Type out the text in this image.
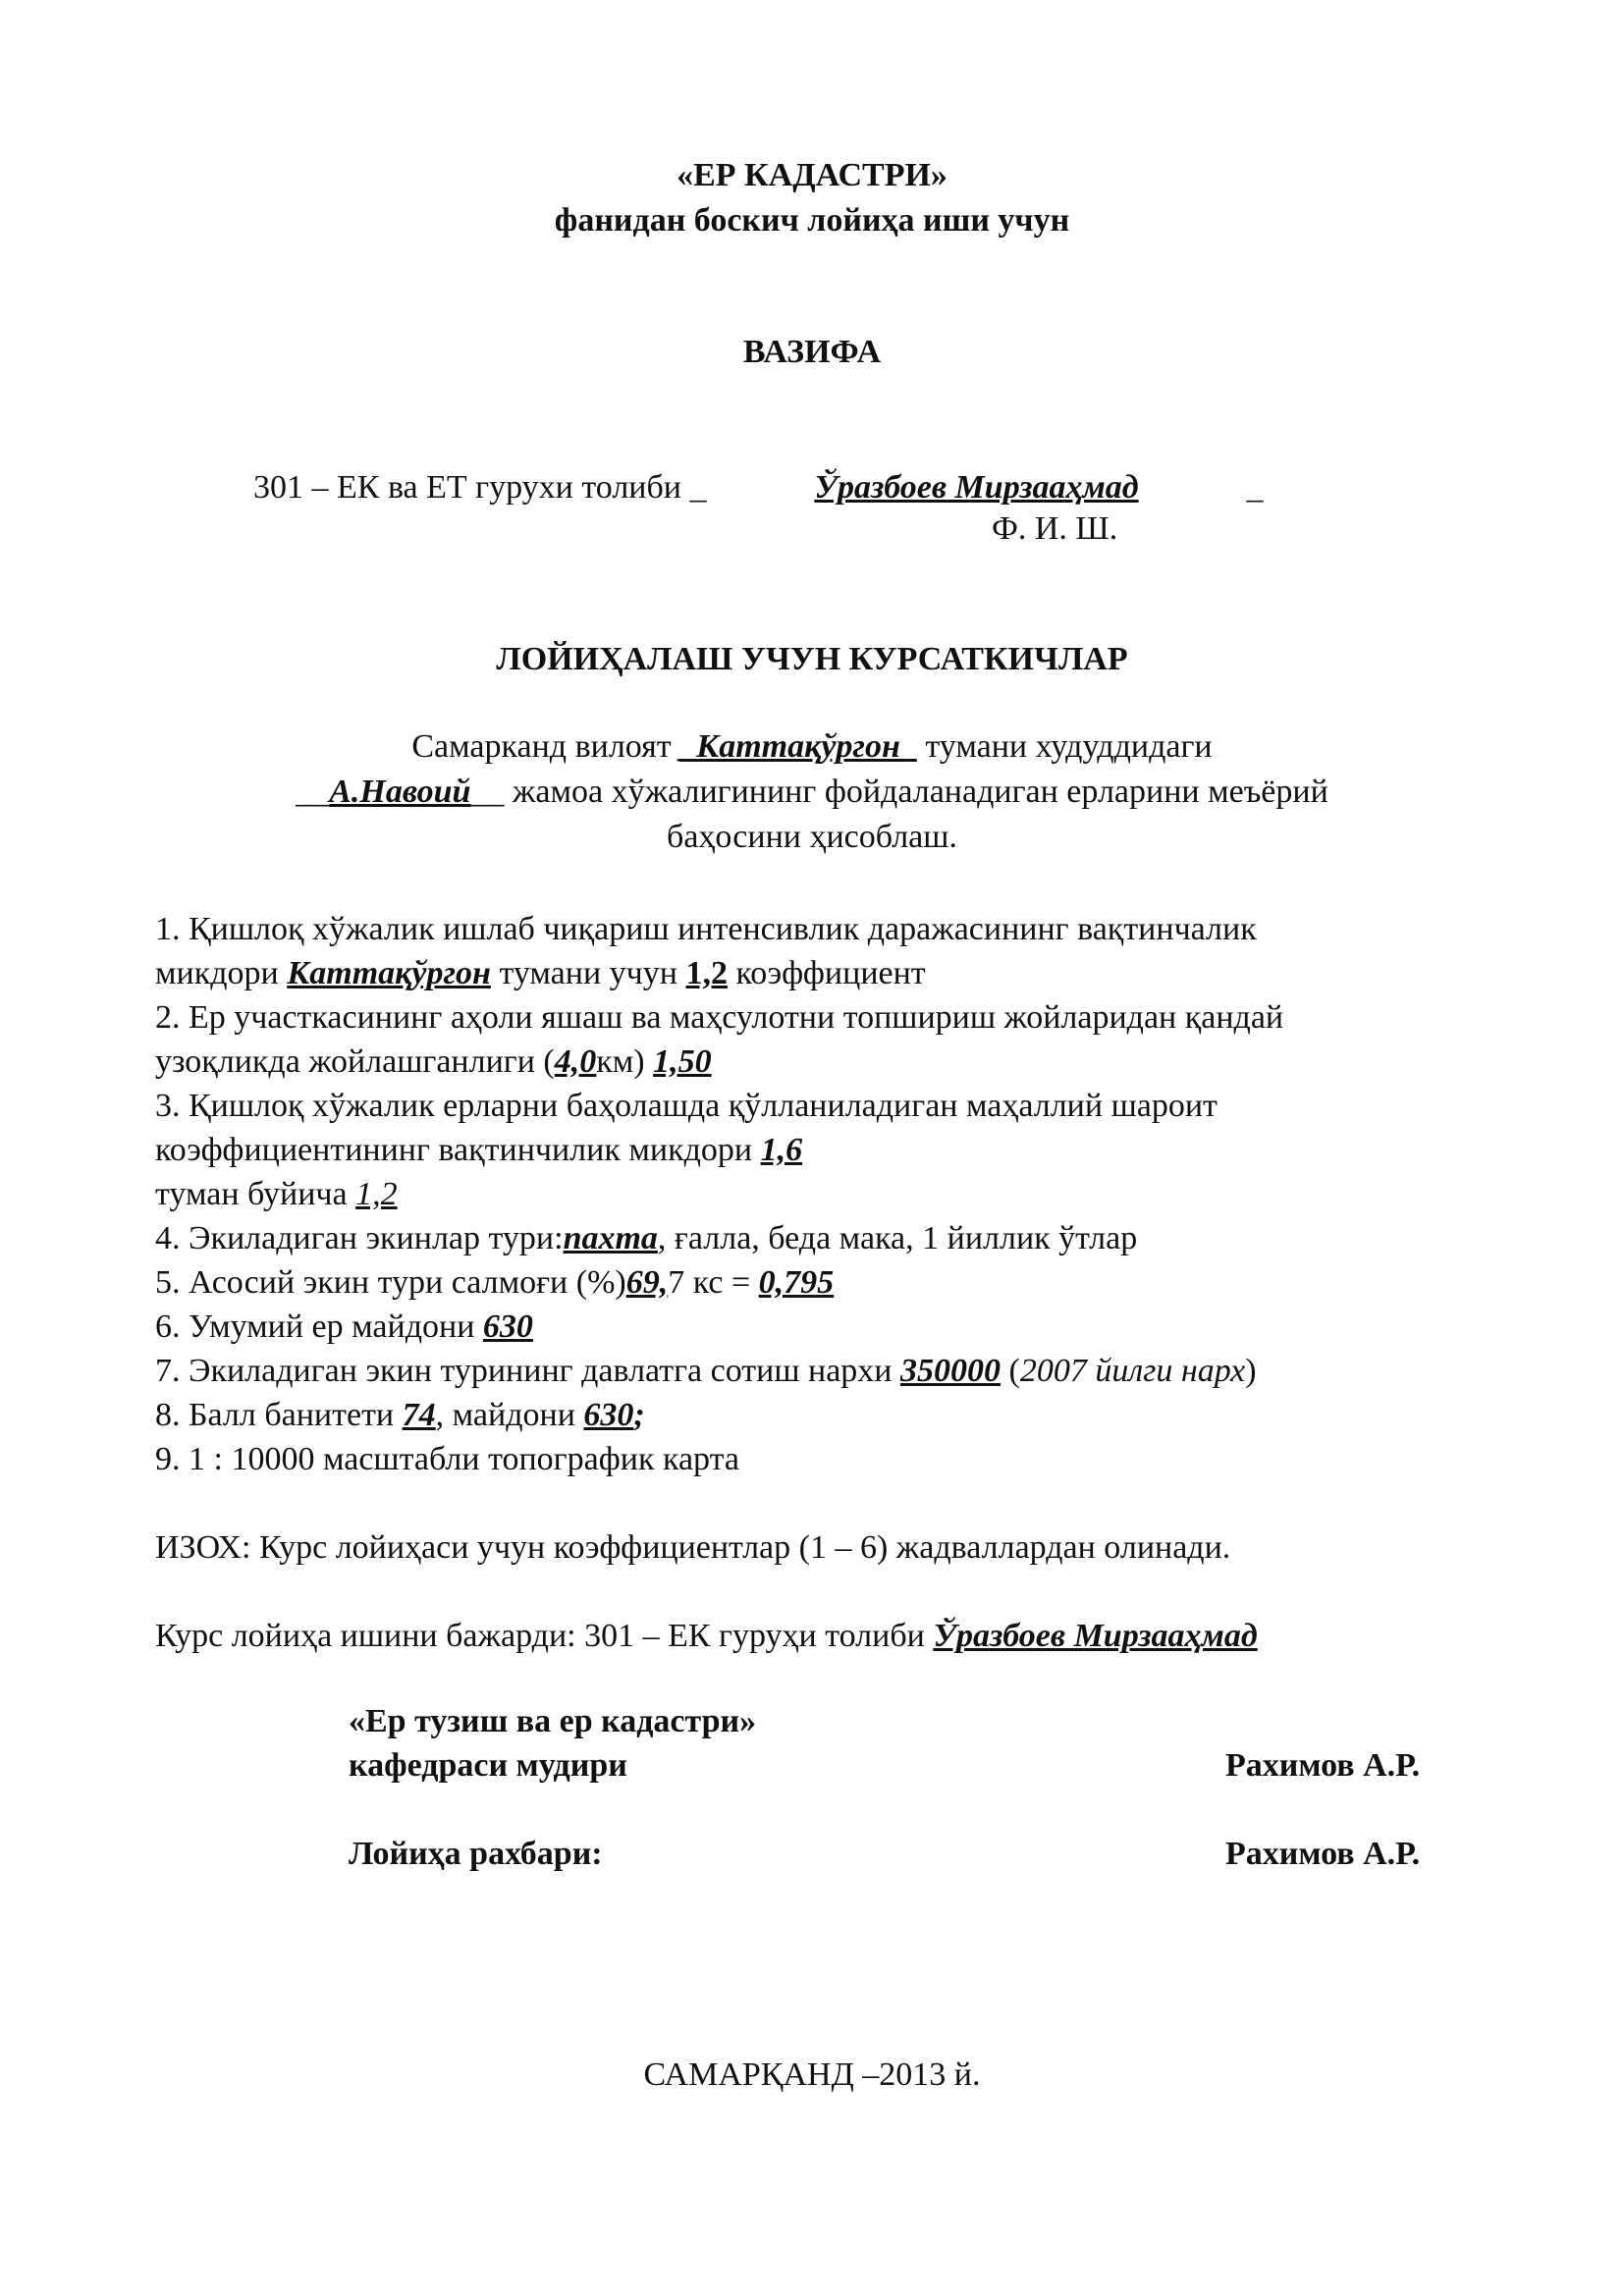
«ЕР КАДАСТРИ»
фанидан боскич лойиҳа иши учун
ВАЗИФА
301 – ЕК ва ЕТ гурухи толиби _	Ўразбоев Мирзааҳмад	_
Ф. И. Ш.
ЛОЙИҲАЛАШ УЧУН КУРСАТКИЧЛАР
Самарканд вилоят _Каттақўргон_ тумани худуддидаги
__А.Навоий__ жамоа хўжалигининг фойдаланадиган ерларини меъёрий
баҳосини ҳисоблаш.
1. Қишлоқ хўжалик ишлаб чиқариш интенсивлик даражасининг вақтинчалик
микдори Каттақўргон тумани учун 1,2 коэффициент
2. Ер участкасининг аҳоли яшаш ва маҳсулотни топшириш жойларидан қандай
узоқликда жойлашганлиги (4,0км) 1,50
3. Қишлоқ хўжалик ерларни баҳолашда қўлланиладиган маҳаллий шароит
коэффициентининг вақтинчилик микдори 1,6
туман буйича 1,2
4. Экиладиган экинлар тури:пахта, ғалла, беда мака, 1 йиллик ўтлар
5. Асосий экин тури салмоғи (%)69,7 кс = 0,795
6. Умумий ер майдони 630
7. Экиладиган экин турининг давлатга сотиш нархи 350000 (2007 йилги нарх)
8. Балл банитети 74, майдони 630;
9. 1 : 10000 масштабли топографик карта
ИЗОХ: Курс лойиҳаси учун коэффициентлар (1 – 6) жадваллардан олинади.
Курс лойиҳа ишини бажарди: 301 – ЕК гуруҳи толиби Ўразбоев Мирзааҳмад
«Ер тузиш ва ер кадастри»
кафедраси мудири	Рахимов А.Р.
Лойиҳа рахбари:	Рахимов А.Р.
САМАРҚАНД –2013 й.
